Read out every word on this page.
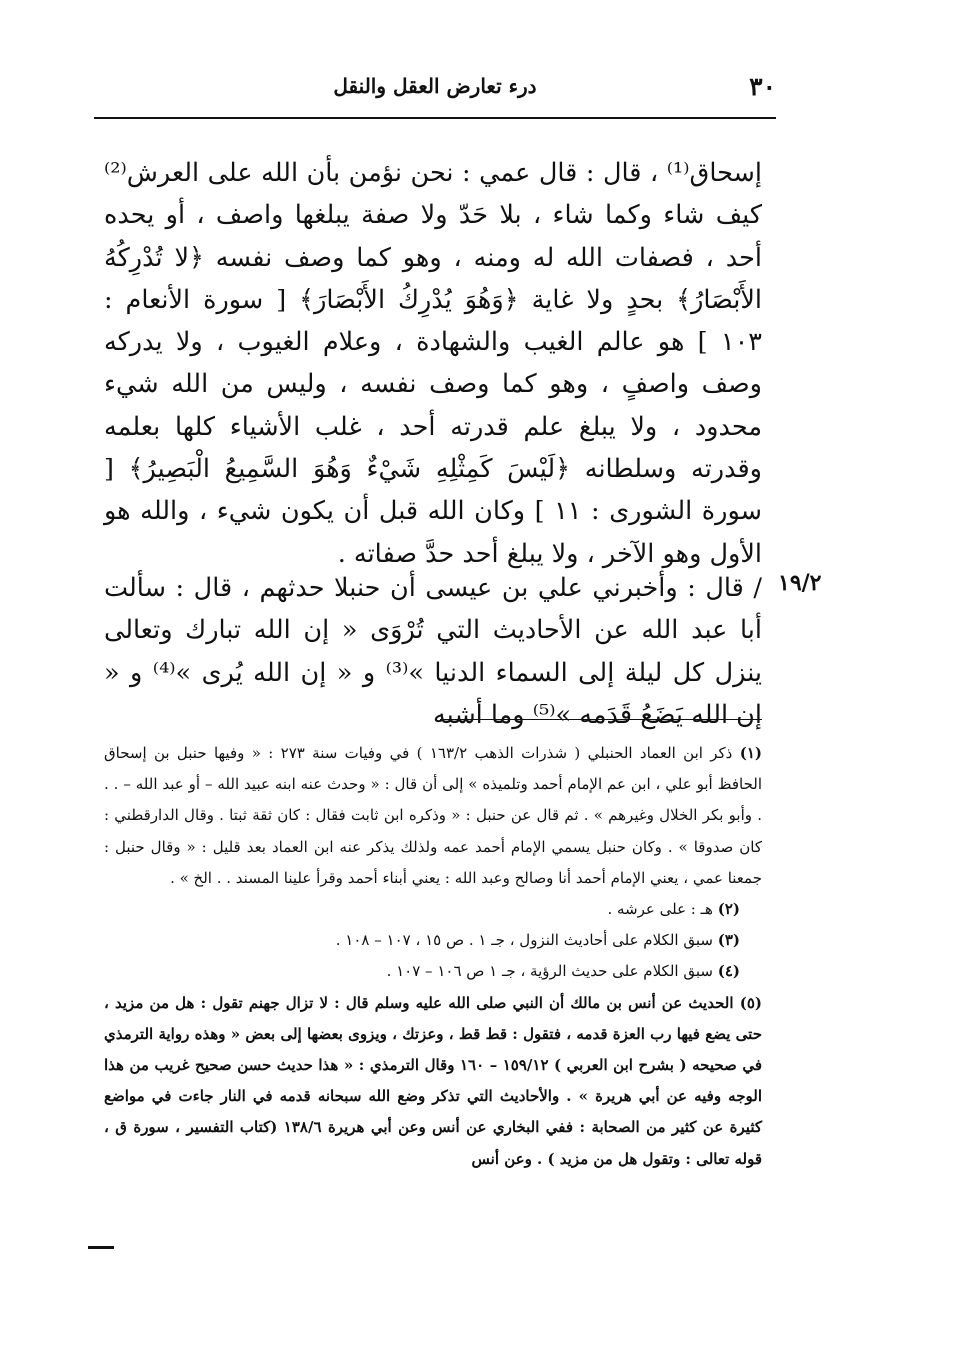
٣٠
درء تعارض العقل والنقل

إسحاق⁽¹⁾ ، قال : قال عمي : نحن نؤمن بأن الله على العرش⁽²⁾ كيف شاء وكما شاء ، بلا حَدّ ولا صفة يبلغها واصف ، أو يحده أحد ، فصفات الله له ومنه ، وهو كما وصف نفسه ﴿لا تُدْرِكُهُ الأَبْصَارُ﴾ بحدٍ ولا غاية ﴿وَهُوَ يُدْرِكُ الأَبْصَارَ﴾ [ سورة الأنعام : ١٠٣ ] هو عالم الغيب والشهادة ، وعلام الغيوب ، ولا يدركه وصف واصفٍ ، وهو كما وصف نفسه ، وليس من الله شيء محدود ، ولا يبلغ علم قدرته أحد ، غلب الأشياء كلها بعلمه وقدرته وسلطانه ﴿لَيْسَ كَمِثْلِهِ شَيْءٌ وَهُوَ السَّمِيعُ الْبَصِيرُ﴾ [ سورة الشورى : ١١ ] وكان الله قبل أن يكون شيء ، والله هو الأول وهو الآخر ، ولا يبلغ أحد حدَّ صفاته .

١٩/٢

/ قال : وأخبرني علي بن عيسى أن حنبلا حدثهم ، قال : سألت أبا عبد الله عن الأحاديث التي تُرْوَى « إن الله تبارك وتعالى ينزل كل ليلة إلى السماء الدنيا »⁽³⁾ و « إن الله يُرى »⁽⁴⁾ و « إن الله يَضَعُ قَدَمه »⁽⁵⁾ وما أشبه

(١) ذكر ابن العماد الحنبلي ( شذرات الذهب ١٦٣/٢ ) في وفيات سنة ٢٧٣ : « وفيها حنبل بن إسحاق الحافظ أبو علي ، ابن عم الإمام أحمد وتلميذه » إلى أن قال : « وحدث عنه ابنه عبيد الله – أو عبد الله – . . . وأبو بكر الخلال وغيرهم » . ثم قال عن حنبل : « وذكره ابن ثابت فقال : كان ثقة ثبتا . وقال الدارقطني : كان صدوقا » . وكان حنبل يسمي الإمام أحمد عمه ولذلك يذكر عنه ابن العماد بعد قليل : « وقال حنبل : جمعنا عمي ، يعني الإمام أحمد أنا وصالح وعبد الله : يعني أبناء أحمد وقرأ علينا المسند . . الخ » .

(٢) هـ : على عرشه .

(٣) سبق الكلام على أحاديث النزول ، جـ ١ . ص ١٥ ، ١٠٧ – ١٠٨ .

(٤) سبق الكلام على حديث الرؤية ، جـ ١ ص ١٠٦ – ١٠٧ .

(٥) الحديث عن أنس بن مالك أن النبي صلى الله عليه وسلم قال : لا تزال جهنم تقول : هل من مزيد ، حتى يضع فيها رب العزة قدمه ، فتقول : قط قط ، وعزتك ، ويزوى بعضها إلى بعض « وهذه رواية الترمذي في صحيحه ( بشرح ابن العربي ) ١٥٩/١٢ – ١٦٠ وقال الترمذي : « هذا حديث حسن صحيح غريب من هذا الوجه وفيه عن أبي هريرة » . والأحاديث التي تذكر وضع الله سبحانه قدمه في النار جاءت في مواضع كثيرة عن كثير من الصحابة : ففي البخاري عن أنس وعن أبي هريرة ١٣٨/٦ (كتاب التفسير ، سورة ق ، قوله تعالى : وتقول هل من مزيد ) . وعن أنس
